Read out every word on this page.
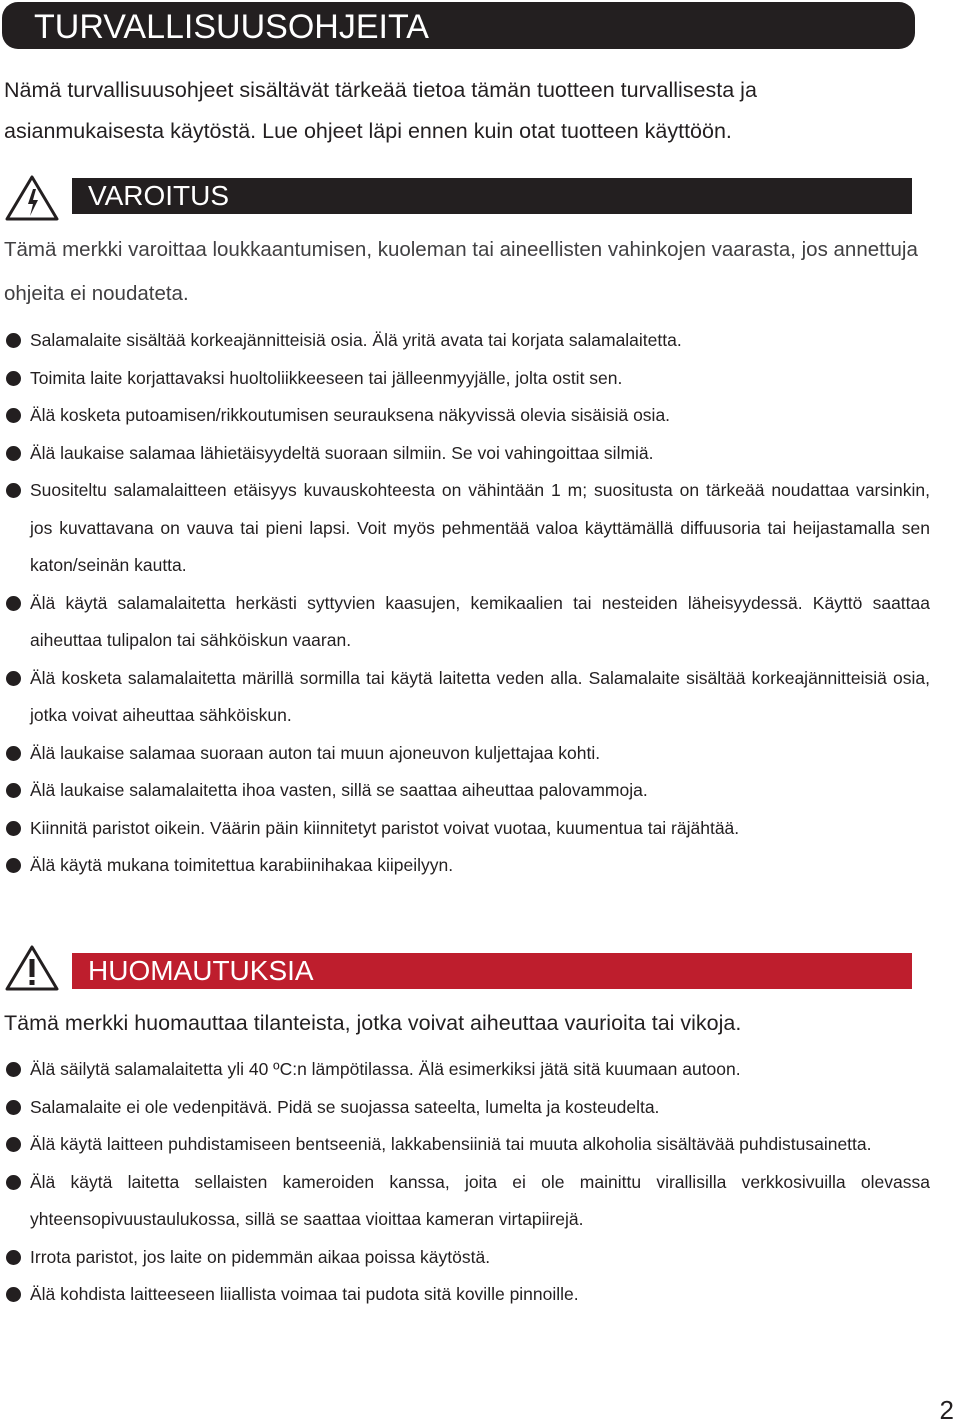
TURVALLISUUSOHJEITA

Nämä turvallisuusohjeet sisältävät tärkeää tietoa tämän tuotteen turvallisesta ja asianmukaisesta käytöstä. Lue ohjeet läpi ennen kuin otat tuotteen käyttöön.

VAROITUS

Tämä merkki varoittaa loukkaantumisen, kuoleman tai aineellisten vahinkojen vaarasta, jos annettuja ohjeita ei noudateta.

Salamalaite sisältää korkeajännitteisiä osia. Älä yritä avata tai korjata salamalaitetta.
Toimita laite korjattavaksi huoltoliikkeeseen tai jälleenmyyjälle, jolta ostit sen.
Älä kosketa putoamisen/rikkoutumisen seurauksena näkyvissä olevia sisäisiä osia.
Älä laukaise salamaa lähietäisyydeltä suoraan silmiin. Se voi vahingoittaa silmiä.
Suositeltu salamalaitteen etäisyys kuvauskohteesta on vähintään 1 m; suositusta on tärkeää noudattaa varsinkin, jos kuvattavana on vauva tai pieni lapsi. Voit myös pehmentää valoa käyttämällä diffuusoria tai heijastamalla sen katon/seinän kautta.
Älä käytä salamalaitetta herkästi syttyvien kaasujen, kemikaalien tai nesteiden läheisyydessä. Käyttö saattaa aiheuttaa tulipalon tai sähköiskun vaaran.
Älä kosketa salamalaitetta märillä sormilla tai käytä laitetta veden alla. Salamalaite sisältää korkeajännitteisiä osia, jotka voivat aiheuttaa sähköiskun.
Älä laukaise salamaa suoraan auton tai muun ajoneuvon kuljettajaa kohti.
Älä laukaise salamalaitetta ihoa vasten, sillä se saattaa aiheuttaa palovammoja.
Kiinnitä paristot oikein. Väärin päin kiinnitetyt paristot voivat vuotaa, kuumentua tai räjähtää.
Älä käytä mukana toimitettua karabiinihakaa kiipeilyyn.
HUOMAUTUKSIA

Tämä merkki huomauttaa tilanteista, jotka voivat aiheuttaa vaurioita tai vikoja.

Älä säilytä salamalaitetta yli 40 ºC:n lämpötilassa. Älä esimerkiksi jätä sitä kuumaan autoon.
Salamalaite ei ole vedenpitävä. Pidä se suojassa sateelta, lumelta ja kosteudelta.
Älä käytä laitteen puhdistamiseen bentseeniä, lakkabensiiniä tai muuta alkoholia sisältävää puhdistusainetta.
Älä käytä laitetta sellaisten kameroiden kanssa, joita ei ole mainittu virallisilla verkkosivuilla olevassa yhteensopivuustaulukossa, sillä se saattaa vioittaa kameran virtapiirejä.
Irrota paristot, jos laite on pidemmän aikaa poissa käytöstä.
Älä kohdista laitteeseen liiallista voimaa tai pudota sitä koville pinnoille.
2
